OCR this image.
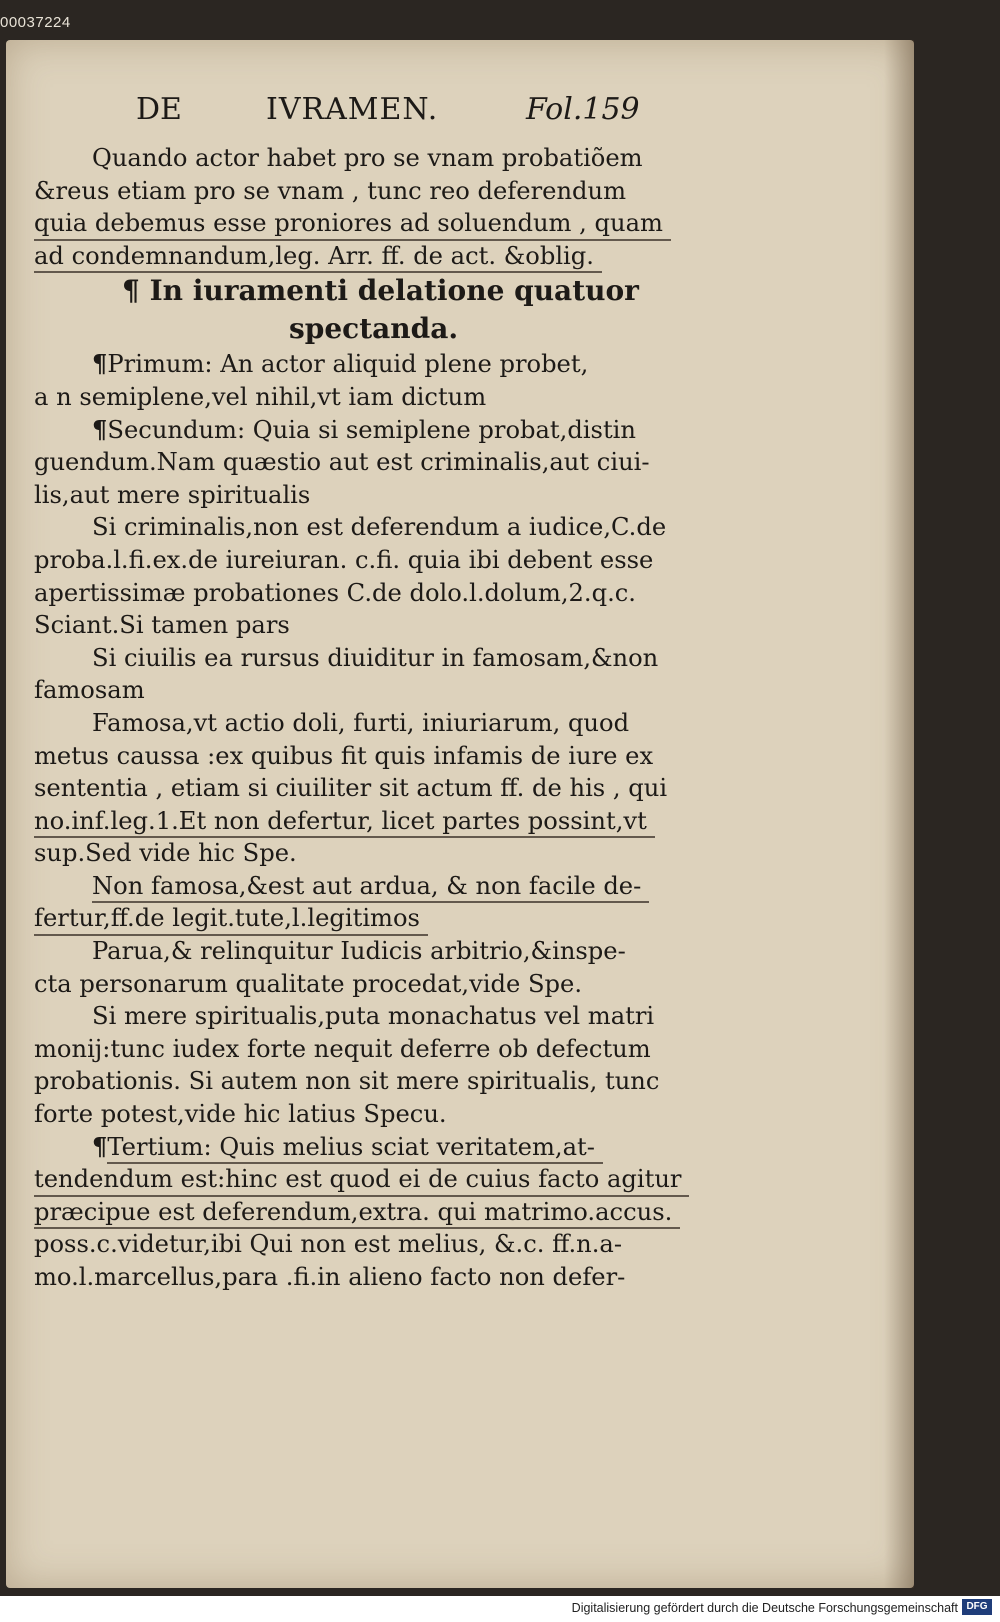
00037224
DE	IVRAMEN.	Fol.159
Quando actor habet pro se vnam probatiõem
&reus etiam pro se vnam , tunc reo deferendum
quia debemus esse proniores ad soluendum , quam
ad condemnandum,leg. Arr. ff. de act. &oblig.
¶ In iuramenti delatione quatuor
spectanda.
¶Primum: An actor aliquid plene probet,
a n semiplene,vel nihil,vt iam dictum
¶Secundum: Quia si semiplene probat,distin
guendum.Nam quæstio aut est criminalis,aut ciui-
lis,aut mere spiritualis
Si criminalis,non est deferendum a iudice,C.de
proba.l.fi.ex.de iureiuran. c.fi. quia ibi debent esse
apertissimæ probationes C.de dolo.l.dolum,2.q.c.
Sciant.Si tamen pars
Si ciuilis ea rursus diuiditur in famosam,&non
famosam
Famosa,vt actio doli, furti, iniuriarum, quod
metus caussa :ex quibus fit quis infamis de iure ex
sententia , etiam si ciuiliter sit actum ff. de his , qui
no.inf.leg.1.Et non defertur, licet partes possint,vt
sup.Sed vide hic Spe.
Non famosa,&est aut ardua, & non facile de-
fertur,ff.de legit.tute,l.legitimos
Parua,& relinquitur Iudicis arbitrio,&inspe-
cta personarum qualitate procedat,vide Spe.
Si mere spiritualis,puta monachatus vel matri
monij:tunc iudex forte nequit deferre ob defectum
probationis. Si autem non sit mere spiritualis, tunc
forte potest,vide hic latius Specu.
¶Tertium: Quis melius sciat veritatem,at-
tendendum est:hinc est quod ei de cuius facto agitur
præcipue est deferendum,extra. qui matrimo.accus.
poss.c.videtur,ibi Qui non est melius, &.c. ff.n.a-
mo.l.marcellus,para .fi.in alieno facto non defer-
Digitalisierung gefördert durch die Deutsche Forschungsgemeinschaft DFG
